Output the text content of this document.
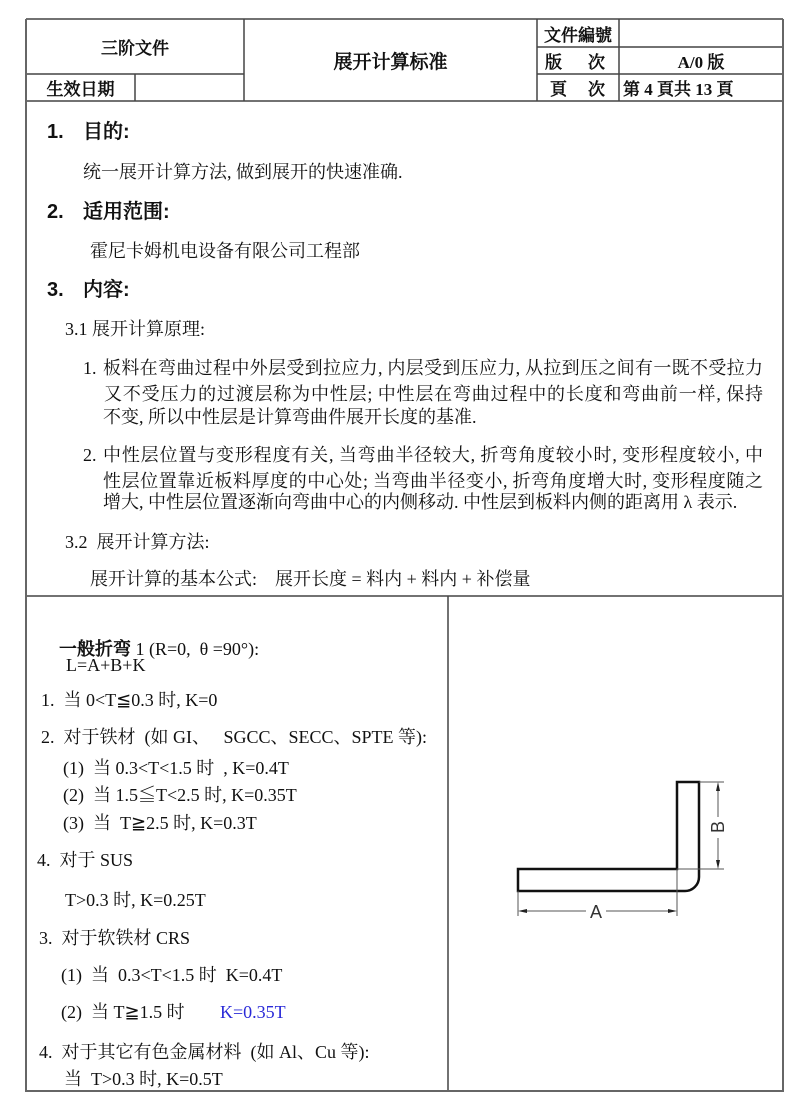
三阶文件
生效日期
展开计算标准
文件編號
版 次	A/0 版
頁 次 第 4 頁共 13 頁
1. 目的:
统一展开计算方法, 做到展开的快速准确.
2. 适用范围:
霍尼卡姆机电设备有限公司工程部
3. 内容:
3.1 展开计算原理:
1. 板料在弯曲过程中外层受到拉应力, 内层受到压应力, 从拉到压之间有一既不受拉力
又不受压力的过渡层称为中性层; 中性层在弯曲过程中的长度和弯曲前一样, 保持
不变, 所以中性层是计算弯曲件展开长度的基准.
2. 中性层位置与变形程度有关, 当弯曲半径较大, 折弯角度较小时, 变形程度较小, 中
性层位置靠近板料厚度的中心处; 当弯曲半径变小, 折弯角度增大时, 变形程度随之
增大, 中性层位置逐渐向弯曲中心的内侧移动. 中性层到板料内侧的距离用 λ 表示.
3.2  展开计算方法:
展开计算的基本公式: 展开长度 = 料内 + 料内 + 补偿量

一般折弯 1 (R=0,  θ =90°):

L=A+B+K
1.  当 0<T≦0.3 时, K=0
2.  对于铁材  (如 GI、   SGCC、SECC、SPTE 等):
(1)  当 0.3<T<1.5 时  , K=0.4T
(2)  当 1.5≦T<2.5 时, K=0.35T
(3)  当  T≧2.5 时, K=0.3T
4.  对于 SUS
T>0.3 时, K=0.25T
3.  对于软铁材 CRS
(1)  当  0.3<T<1.5 时  K=0.4T
(2)  当 T≧1.5 时 K=0.35T
4.  对于其它有色金属材料  (如 Al、Cu 等):
当  T>0.3 时, K=0.5T
A
B
